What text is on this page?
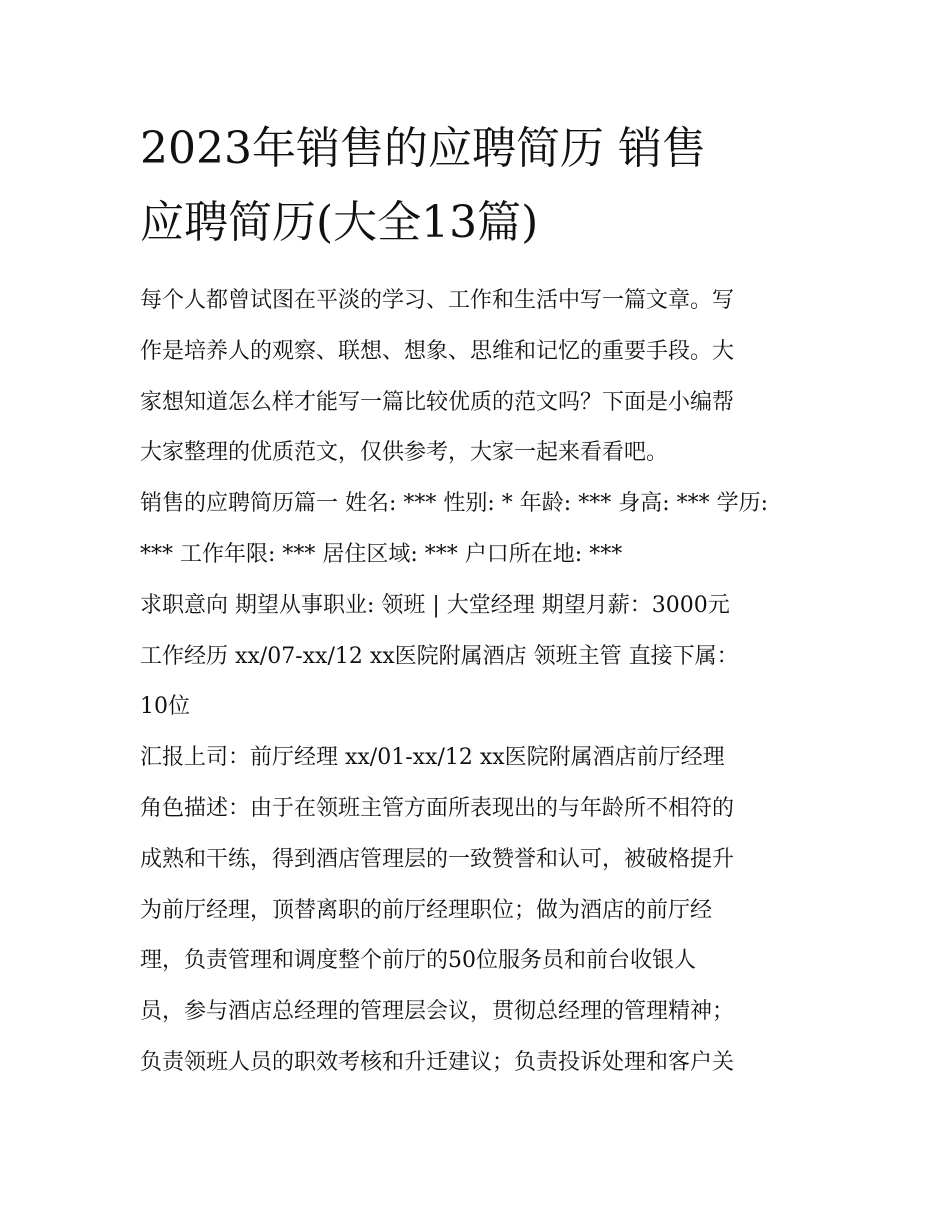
2023年销售的应聘简历 销售
应聘简历(大全13篇)
每个人都曾试图在平淡的学习、工作和生活中写一篇文章。写
作是培养人的观察、联想、想象、思维和记忆的重要手段。大
家想知道怎么样才能写一篇比较优质的范文吗？下面是小编帮
大家整理的优质范文，仅供参考，大家一起来看看吧。
销售的应聘简历篇一 姓名: *** 性别: * 年龄: *** 身高: *** 学历:
*** 工作年限: *** 居住区域: *** 户口所在地: ***
求职意向 期望从事职业: 领班 | 大堂经理 期望月薪：3000元
工作经历 xx/07-xx/12 xx医院附属酒店 领班主管 直接下属：
10位
汇报上司：前厅经理 xx/01-xx/12 xx医院附属酒店前厅经理
角色描述：由于在领班主管方面所表现出的与年龄所不相符的
成熟和干练，得到酒店管理层的一致赞誉和认可，被破格提升
为前厅经理，顶替离职的前厅经理职位；做为酒店的前厅经
理，负责管理和调度整个前厅的50位服务员和前台收银人
员，参与酒店总经理的管理层会议，贯彻总经理的管理精神；
负责领班人员的职效考核和升迁建议；负责投诉处理和客户关
